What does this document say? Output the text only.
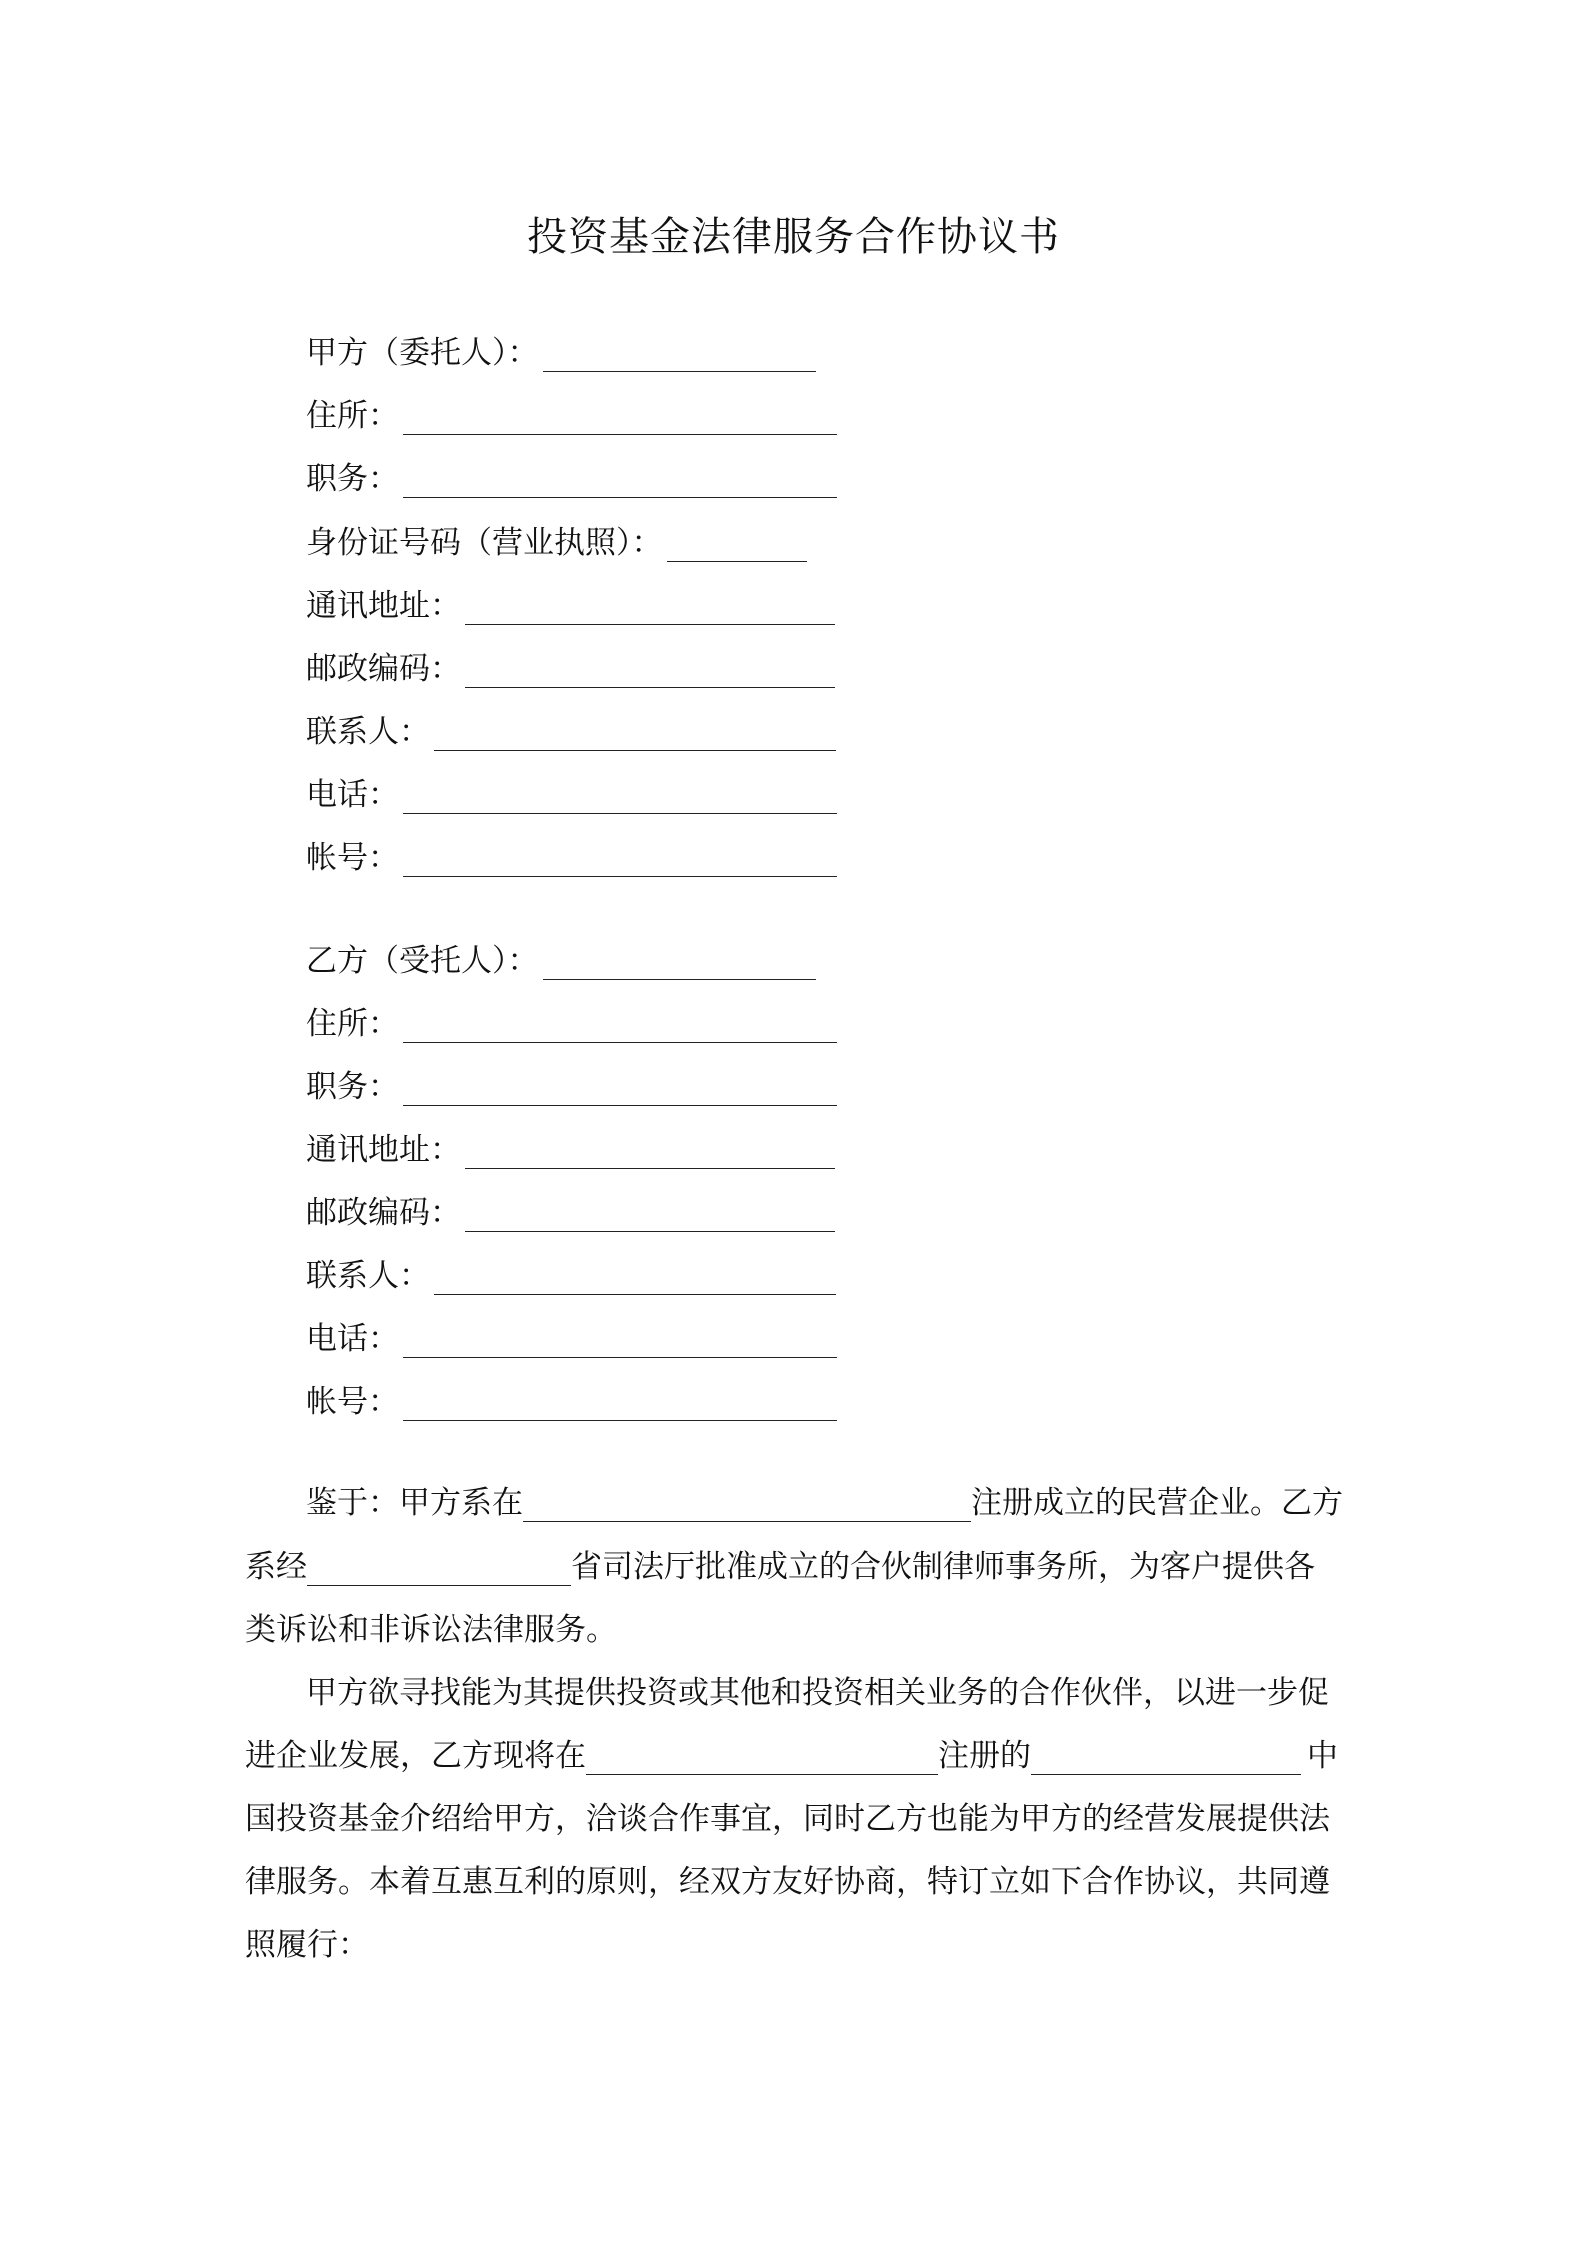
投资基金法律服务合作协议书
甲方（委托人）：
住所：
职务：
身份证号码（营业执照）：
通讯地址：
邮政编码：
联系人：
电话：
帐号：
乙方（受托人）：
住所：
职务：
通讯地址：
邮政编码：
联系人：
电话：
帐号：
鉴于：甲方系在	注册成立的民营企业。乙方
系经	省司法厅批准成立的合伙制律师事务所，为客户提供各
类诉讼和非诉讼法律服务。
甲方欲寻找能为其提供投资或其他和投资相关业务的合作伙伴，以进一步促
进企业发展，乙方现将在	注册的	中
国投资基金介绍给甲方，洽谈合作事宜，同时乙方也能为甲方的经营发展提供法
律服务。本着互惠互利的原则，经双方友好协商，特订立如下合作协议，共同遵
照履行：
